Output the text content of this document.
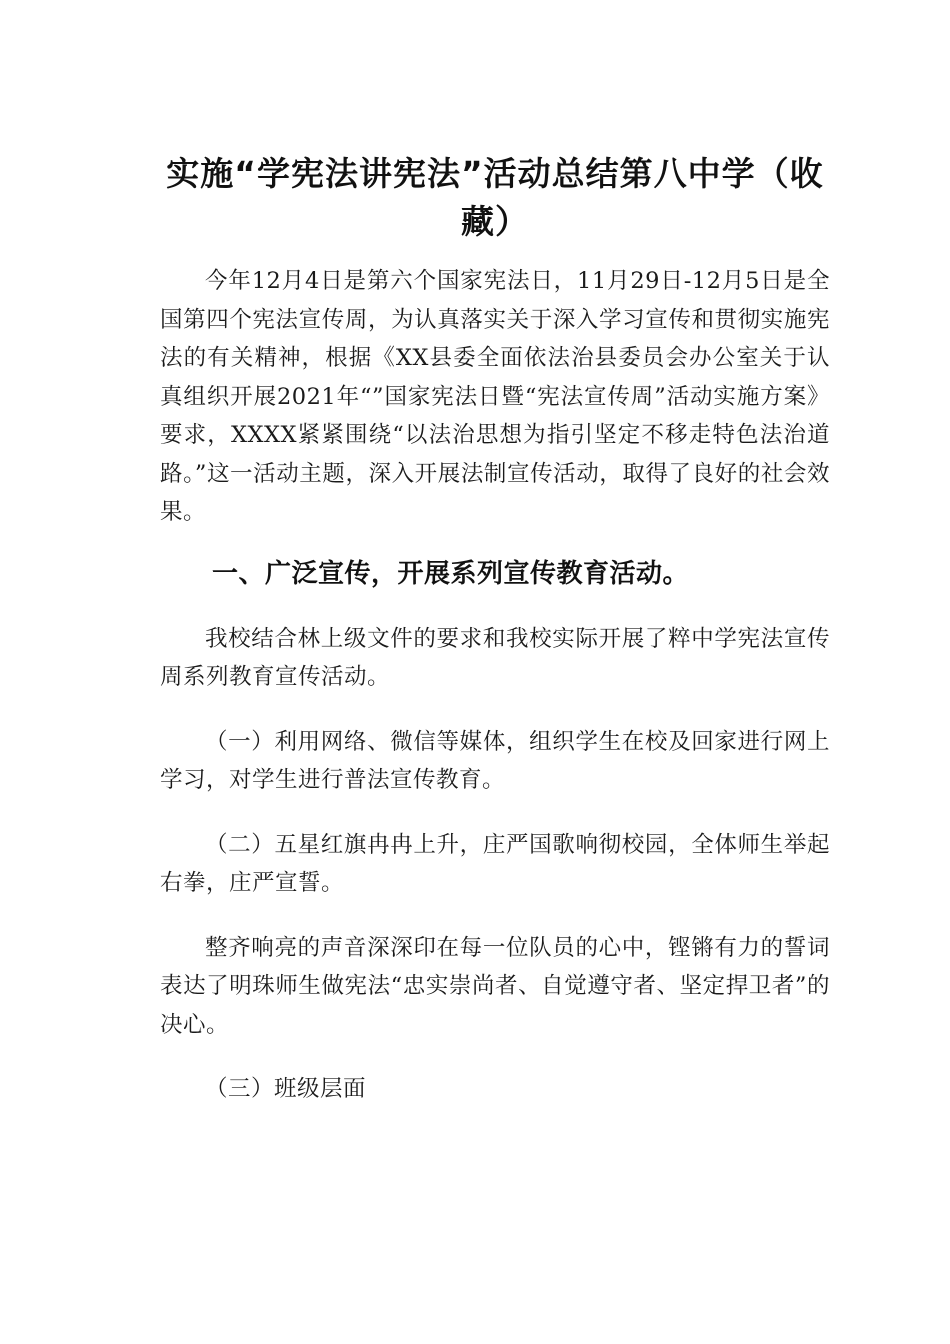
实施“学宪法讲宪法”活动总结第八中学（收藏）

今年12月4日是第六个国家宪法日，11月29日-12月5日是全国第四个宪法宣传周，为认真落实关于深入学习宣传和贯彻实施宪法的有关精神，根据《XX县委全面依法治县委员会办公室关于认真组织开展2021年“”国家宪法日暨“宪法宣传周”活动实施方案》要求，XXXX紧紧围绕“以法治思想为指引坚定不移走特色法治道路。”这一活动主题，深入开展法制宣传活动，取得了良好的社会效果。

一、广泛宣传，开展系列宣传教育活动。

我校结合林上级文件的要求和我校实际开展了粹中学宪法宣传周系列教育宣传活动。

（一）利用网络、微信等媒体，组织学生在校及回家进行网上学习，对学生进行普法宣传教育。

（二）五星红旗冉冉上升，庄严国歌响彻校园，全体师生举起右拳，庄严宣誓。

整齐响亮的声音深深印在每一位队员的心中，铿锵有力的誓词表达了明珠师生做宪法“忠实崇尚者、自觉遵守者、坚定捍卫者”的决心。

（三）班级层面
